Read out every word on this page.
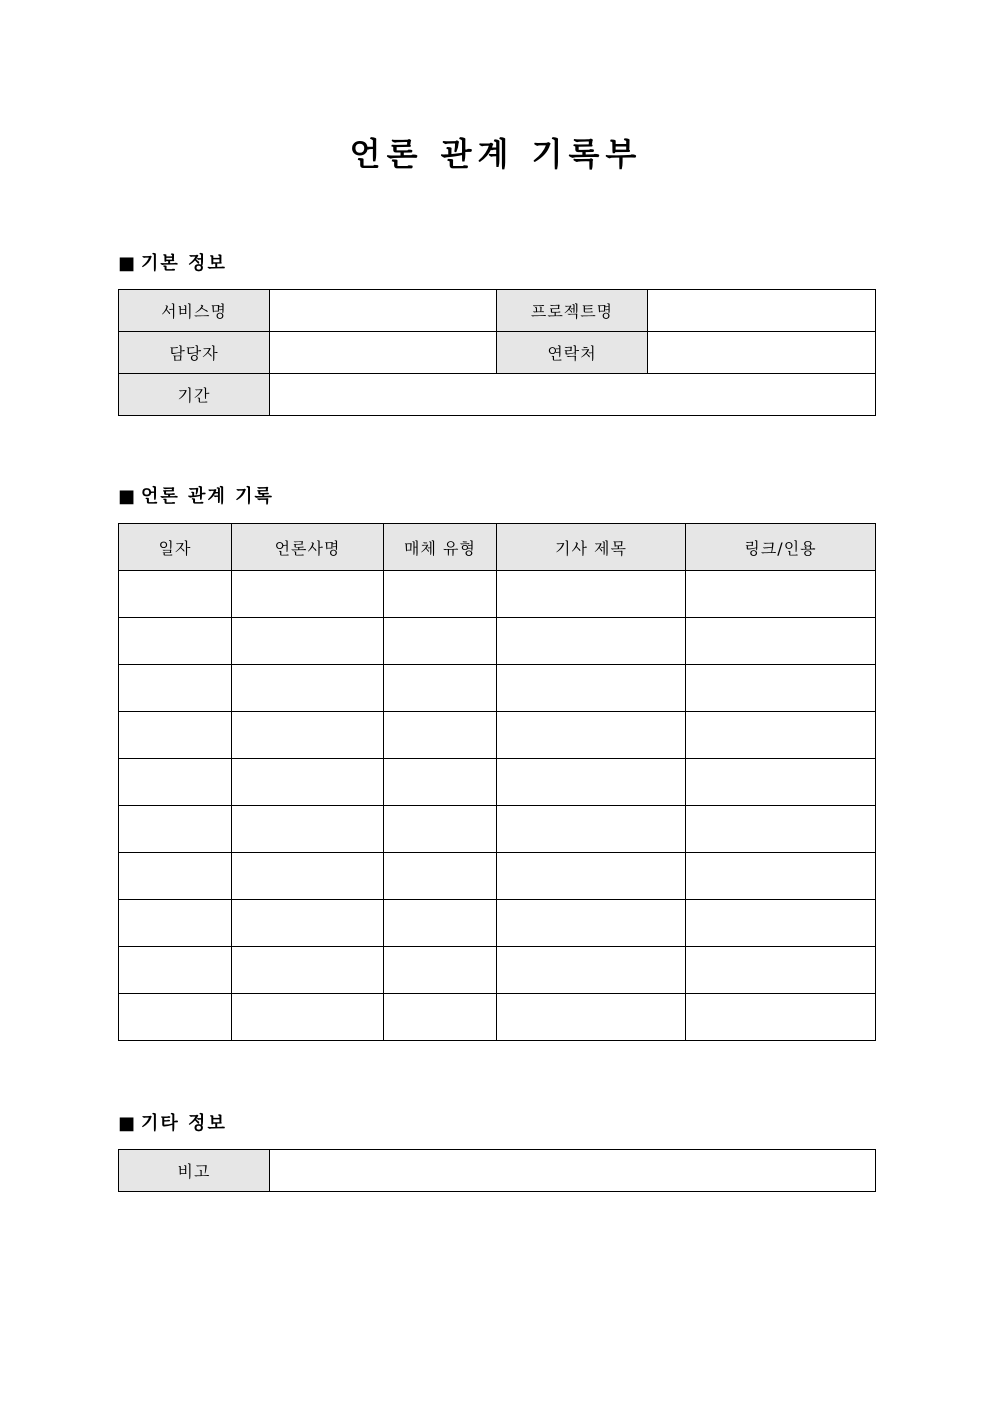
언론 관계 기록부
■ 기본 정보
서비스명		프로젝트명	
담당자		연락처	
기간			
■ 언론 관계 기록
일자	언론사명	매체 유형	기사 제목	링크/인용

■ 기타 정보
비고	
